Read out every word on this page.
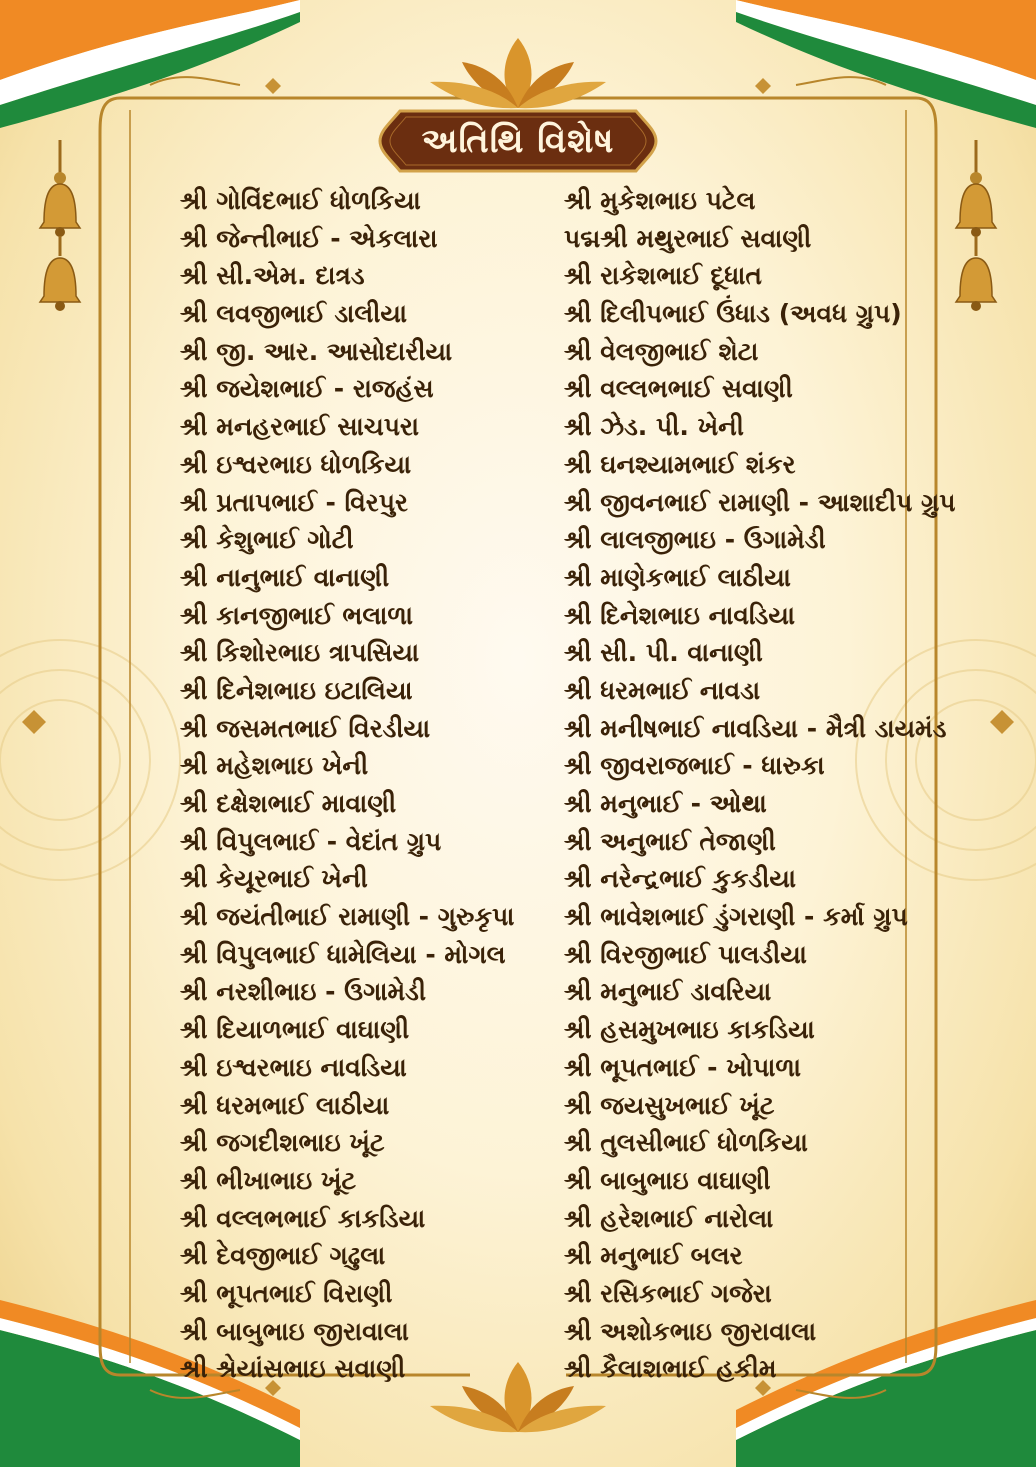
અતિથિ વિશેષ
શ્રી ગોવિંદભાઈ ધોળકિયા
શ્રી જેન્તીભાઈ - એકલારા
શ્રી સી.એમ. દાત્રડ
શ્રી લવજીભાઈ ડાલીયા
શ્રી જી. આર. આસોદારીયા
શ્રી જયેશભાઈ - રાજહંસ
શ્રી મનહરભાઈ સાચપરા
શ્રી ઇશ્વરભાઇ ધોળકિયા
શ્રી પ્રતાપભાઈ - વિરપુર
શ્રી કેશુભાઈ ગોટી
શ્રી નાનુભાઈ વાનાણી
શ્રી કાનજીભાઈ ભલાળા
શ્રી કિશોરભાઇ ત્રાપસિયા
શ્રી દિનેશભાઇ ઇટાલિયા
શ્રી જસમતભાઈ વિરડીયા
શ્રી મહેશભાઇ ખેની
શ્રી દક્ષેશભાઈ માવાણી
શ્રી વિપુલભાઈ - વેદાંત ગ્રુપ
શ્રી કેયૂરભાઈ ખેની
શ્રી જયંતીભાઈ રામાણી - ગુરુકૃપા
શ્રી વિપુલભાઈ ધામેલિયા - મોગલ
શ્રી નરશીભાઇ - ઉગામેડી
શ્રી દિયાળભાઈ વાઘાણી
શ્રી ઇશ્વરભાઇ નાવડિયા
શ્રી ધરમભાઈ લાઠીયા
શ્રી જગદીશભાઇ ખૂંટ
શ્રી ભીખાભાઇ ખૂંટ
શ્રી વલ્લભભાઈ કાકડિયા
શ્રી દેવજીભાઈ ગઢુલા
શ્રી ભૂપતભાઈ વિરાણી
શ્રી બાબુભાઇ જીરાવાલા
શ્રી શ્રેયાંસભાઇ સવાણી
શ્રી મુકેશભાઇ પટેલ
પદ્મશ્રી મથુરભાઈ સવાણી
શ્રી રાકેશભાઈ દૂધાત
શ્રી દિલીપભાઈ ઉંધાડ (અવધ ગ્રુપ)
શ્રી વેલજીભાઈ શેટા
શ્રી વલ્લભભાઈ સવાણી
શ્રી ઝેડ. પી. ખેની
શ્રી ઘનશ્યામભાઈ શંકર
શ્રી જીવનભાઈ રામાણી - આશાદીપ ગ્રુપ
શ્રી લાલજીભાઇ - ઉગામેડી
શ્રી માણેકભાઈ લાઠીયા
શ્રી દિનેશભાઇ નાવડિયા
શ્રી સી. પી. વાનાણી
શ્રી ધરમભાઈ નાવડા
શ્રી મનીષભાઈ નાવડિયા - મૈત્રી ડાયમંડ
શ્રી જીવરાજભાઈ - ધારુકા
શ્રી મનુભાઈ - ઓથા
શ્રી અનુભાઈ તેજાણી
શ્રી નરેન્દ્રભાઈ કુકડીયા
શ્રી ભાવેશભાઈ ડુંગરાણી - કર્મા ગ્રુપ
શ્રી વિરજીભાઈ પાલડીયા
શ્રી મનુભાઈ ડાવરિયા
શ્રી હસમુખભાઇ કાકડિયા
શ્રી ભૂપતભાઈ - ખોપાળા
શ્રી જયસુખભાઈ ખૂંટ
શ્રી તુલસીભાઈ ધોળકિયા
શ્રી બાબુભાઇ વાઘાણી
શ્રી હરેશભાઈ નારોલા
શ્રી મનુભાઈ બલર
શ્રી રસિકભાઈ ગજેરા
શ્રી અશોકભાઇ જીરાવાલા
શ્રી કૈલાશભાઈ હકીમ
